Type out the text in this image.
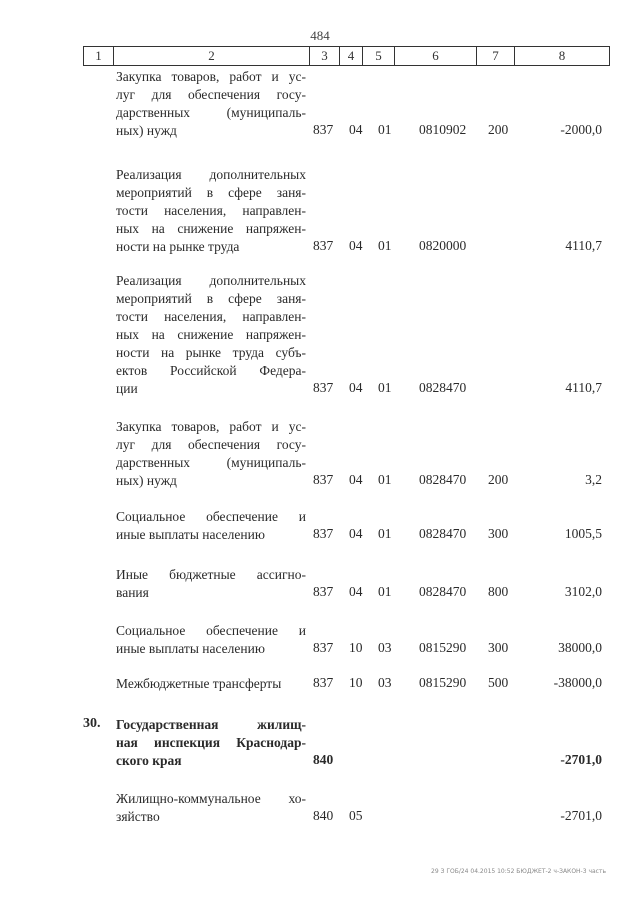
484
1	2	3	4	5	6	7	8
Закупка товаров, работ и ус-
луг для обеспечения госу-
дарственных (муниципаль-
ных) нужд	837 04 01 0810902 200	-2000,0
Реализация дополнительных
мероприятий в сфере заня-
тости населения, направлен-
ных на снижение напряжен-
ности на рынке труда	837 04 01 0820000	4110,7
Реализация дополнительных
мероприятий в сфере заня-
тости населения, направлен-
ных на снижение напряжен-
ности на рынке труда субъ-
ектов Российской Федера-
ции	837 04 01 0828470	4110,7
Закупка товаров, работ и ус-
луг для обеспечения госу-
дарственных (муниципаль-
ных) нужд	837 04 01 0828470 200	3,2
Социальное обеспечение и
иные выплаты населению	837 04 01 0828470 300	1005,5
Иные бюджетные ассигно-
вания	837 04 01 0828470 800	3102,0
Социальное обеспечение и
иные выплаты населению	837 10 03 0815290 300	38000,0
Межбюджетные трансферты	837 10 03 0815290 500	-38000,0
30. Государственная жилищ-
ная инспекция Краснодар-
ского края	840	-2701,0
Жилищно-коммунальное хо-
зяйство	840 05	-2701,0
29 З ГОБ/24 04.2015 10:52 БЮДЖЕТ-2 ч-ЗАКОН-3 часть
